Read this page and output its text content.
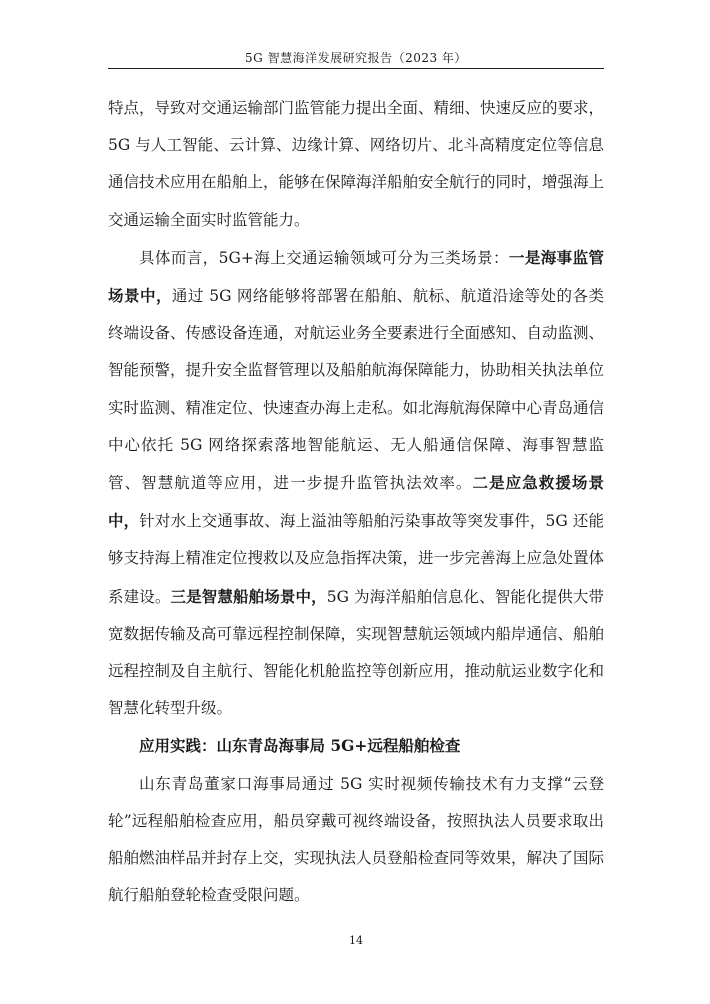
5G 智慧海洋发展研究报告（2023 年）

特点，导致对交通运输部门监管能力提出全面、精细、快速反应的要求，5G 与人工智能、云计算、边缘计算、网络切片、北斗高精度定位等信息通信技术应用在船舶上，能够在保障海洋船舶安全航行的同时，增强海上交通运输全面实时监管能力。

具体而言，5G+海上交通运输领域可分为三类场景：一是海事监管场景中，通过 5G 网络能够将部署在船舶、航标、航道沿途等处的各类终端设备、传感设备连通，对航运业务全要素进行全面感知、自动监测、智能预警，提升安全监督管理以及船舶航海保障能力，协助相关执法单位实时监测、精准定位、快速查办海上走私。如北海航海保障中心青岛通信中心依托 5G 网络探索落地智能航运、无人船通信保障、海事智慧监管、智慧航道等应用，进一步提升监管执法效率。二是应急救援场景中，针对水上交通事故、海上溢油等船舶污染事故等突发事件，5G 还能够支持海上精准定位搜救以及应急指挥决策，进一步完善海上应急处置体系建设。三是智慧船舶场景中，5G 为海洋船舶信息化、智能化提供大带宽数据传输及高可靠远程控制保障，实现智慧航运领域内船岸通信、船舶远程控制及自主航行、智能化机舱监控等创新应用，推动航运业数字化和智慧化转型升级。

应用实践：山东青岛海事局 5G+远程船舶检查

山东青岛董家口海事局通过 5G 实时视频传输技术有力支撑“云登轮”远程船舶检查应用，船员穿戴可视终端设备，按照执法人员要求取出船舶燃油样品并封存上交，实现执法人员登船检查同等效果，解决了国际航行船舶登轮检查受限问题。

14
